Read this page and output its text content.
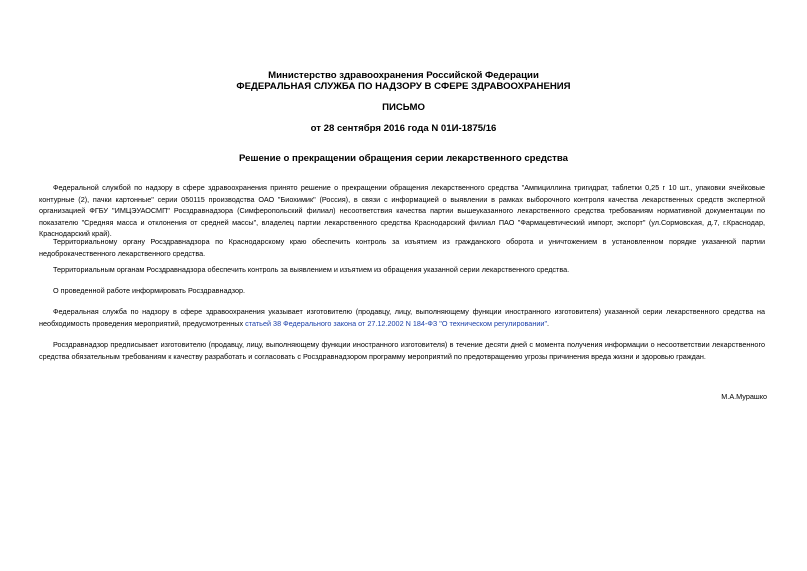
Министерство здравоохранения Российской Федерации
ФЕДЕРАЛЬНАЯ СЛУЖБА ПО НАДЗОРУ В СФЕРЕ ЗДРАВООХРАНЕНИЯ
ПИСЬМО
от 28 сентября 2016 года N 01И-1875/16
Решение о прекращении обращения серии лекарственного средства

Федеральной службой по надзору в сфере здравоохранения принято решение о прекращении обращения лекарственного средства "Ампициллина тригидрат, таблетки 0,25 г 10 шт., упаковки ячейковые контурные (2), пачки картонные" серии 050115 производства ОАО "Биохимик" (Россия), в связи с информацией о выявлении в рамках выборочного контроля качества лекарственных средств экспертной организацией ФГБУ "ИМЦЭУАОСМП" Росздравнадзора (Симферопольский филиал) несоответствия качества партии вышеуказанного лекарственного средства требованиям нормативной документации по показателю "Средняя масса и отклонения от средней массы", владелец партии лекарственного средства Краснодарский филиал ПАО "Фармацевтический импорт, экспорт" (ул.Сормовская, д.7, г.Краснодар, Краснодарский край).

Территориальному органу Росздравнадзора по Краснодарскому краю обеспечить контроль за изъятием из гражданского оборота и уничтожением в установленном порядке указанной партии недоброкачественного лекарственного средства.

Территориальным органам Росздравнадзора обеспечить контроль за выявлением и изъятием из обращения указанной серии лекарственного средства.

О проведенной работе информировать Росздравнадзор.

Федеральная служба по надзору в сфере здравоохранения указывает изготовителю (продавцу, лицу, выполняющему функции иностранного изготовителя) указанной серии лекарственного средства на необходимость проведения мероприятий, предусмотренных статьей 38 Федерального закона от 27.12.2002 N 184-ФЗ "О техническом регулировании".

Росздравнадзор предписывает изготовителю (продавцу, лицу, выполняющему функции иностранного изготовителя) в течение десяти дней с момента получения информации о несоответствии лекарственного средства обязательным требованиям к качеству разработать и согласовать с Росздравнадзором программу мероприятий по предотвращению угрозы причинения вреда жизни и здоровью граждан.

М.А.Мурашко
